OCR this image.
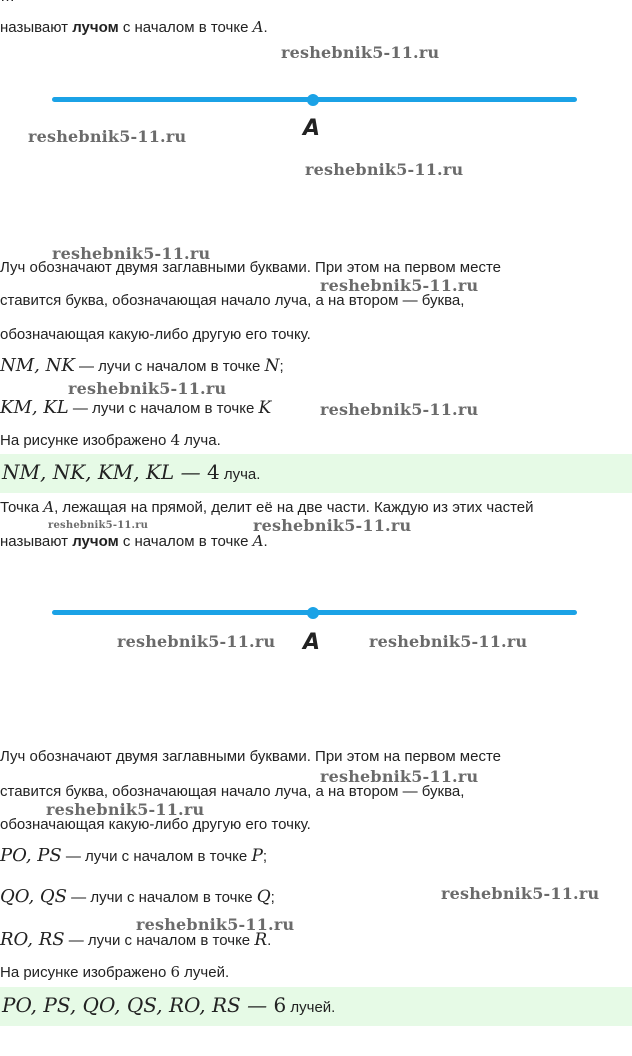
называют лучом с началом в точке A.
reshebnik5-11.ru
A
reshebnik5-11.ru
reshebnik5-11.ru
reshebnik5-11.ru
Луч обозначают двумя заглавными буквами. При этом на первом месте
reshebnik5-11.ru
ставится буква, обозначающая начало луча, а на втором — буква,
обозначающая какую-либо другую его точку.
NM, NK — лучи с началом в точке N;
reshebnik5-11.ru
KM, KL — лучи с началом в точке K	reshebnik5-11.ru
На рисунке изображено 4 луча.
NM, NK, KM, KL — 4 луча.
Точка A, лежащая на прямой, делит её на две части. Каждую из этих частей
reshebnik5-11.ru	reshebnik5-11.ru
называют лучом с началом в точке A.
A
reshebnik5-11.ru	reshebnik5-11.ru
Луч обозначают двумя заглавными буквами. При этом на первом месте
reshebnik5-11.ru
ставится буква, обозначающая начало луча, а на втором — буква,
reshebnik5-11.ru
обозначающая какую-либо другую его точку.
PO, PS — лучи с началом в точке P;
QO, QS — лучи с началом в точке Q;	reshebnik5-11.ru
reshebnik5-11.ru
RO, RS — лучи с началом в точке R.
На рисунке изображено 6 лучей.
PO, PS, QO, QS, RO, RS — 6 лучей.
